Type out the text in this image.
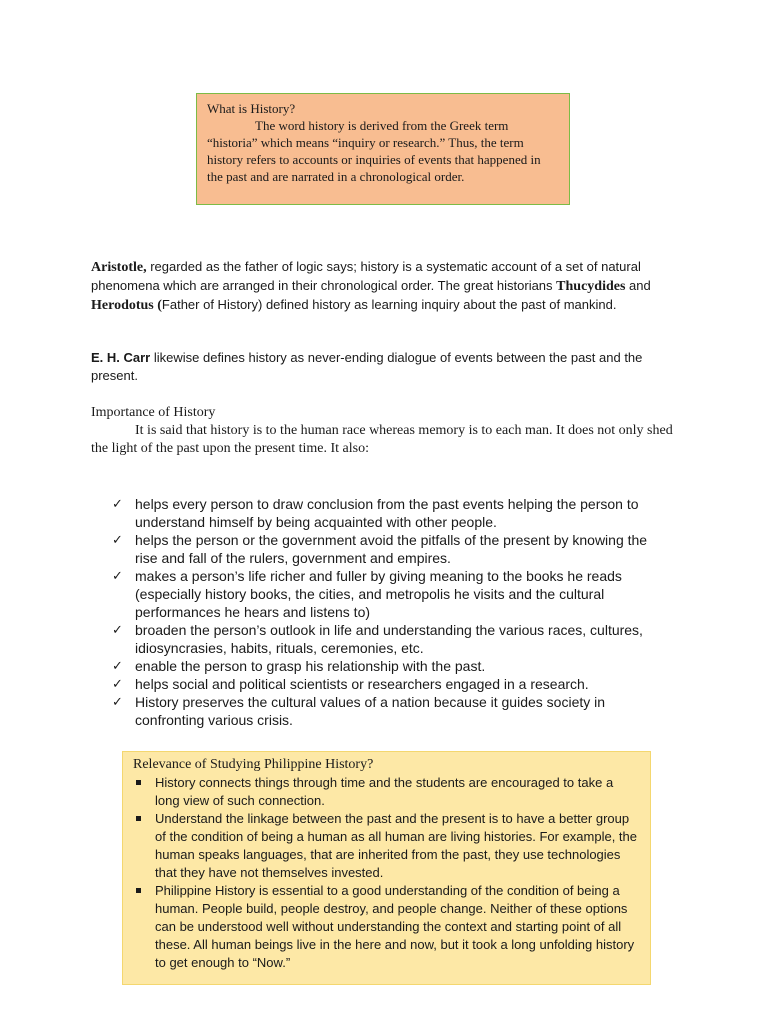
What is History?
The word history is derived from the Greek term “historia” which means “inquiry or research.” Thus, the term history refers to accounts or inquiries of events that happened in the past and are narrated in a chronological order.
Aristotle, regarded as the father of logic says; history is a systematic account of a set of natural phenomena which are arranged in their chronological order. The great historians Thucydides and Herodotus (Father of History) defined history as learning inquiry about the past of mankind.
E. H. Carr likewise defines history as never-ending dialogue of events between the past and the present.
Importance of History
It is said that history is to the human race whereas memory is to each man. It does not only shed the light of the past upon the present time. It also:
✓ helps every person to draw conclusion from the past events helping the person to understand himself by being acquainted with other people.
✓ helps the person or the government avoid the pitfalls of the present by knowing the rise and fall of the rulers, government and empires.
✓ makes a person’s life richer and fuller by giving meaning to the books he reads (especially history books, the cities, and metropolis he visits and the cultural performances he hears and listens to)
✓ broaden the person’s outlook in life and understanding the various races, cultures, idiosyncrasies, habits, rituals, ceremonies, etc.
✓ enable the person to grasp his relationship with the past.
✓ helps social and political scientists or researchers engaged in a research.
✓ History preserves the cultural values of a nation because it guides society in confronting various crisis.
Relevance of Studying Philippine History?
History connects things through time and the students are encouraged to take a long view of such connection.
Understand the linkage between the past and the present is to have a better group of the condition of being a human as all human are living histories. For example, the human speaks languages, that are inherited from the past, they use technologies that they have not themselves invested.
Philippine History is essential to a good understanding of the condition of being a human. People build, people destroy, and people change. Neither of these options can be understood well without understanding the context and starting point of all these. All human beings live in the here and now, but it took a long unfolding history to get enough to “Now.”
